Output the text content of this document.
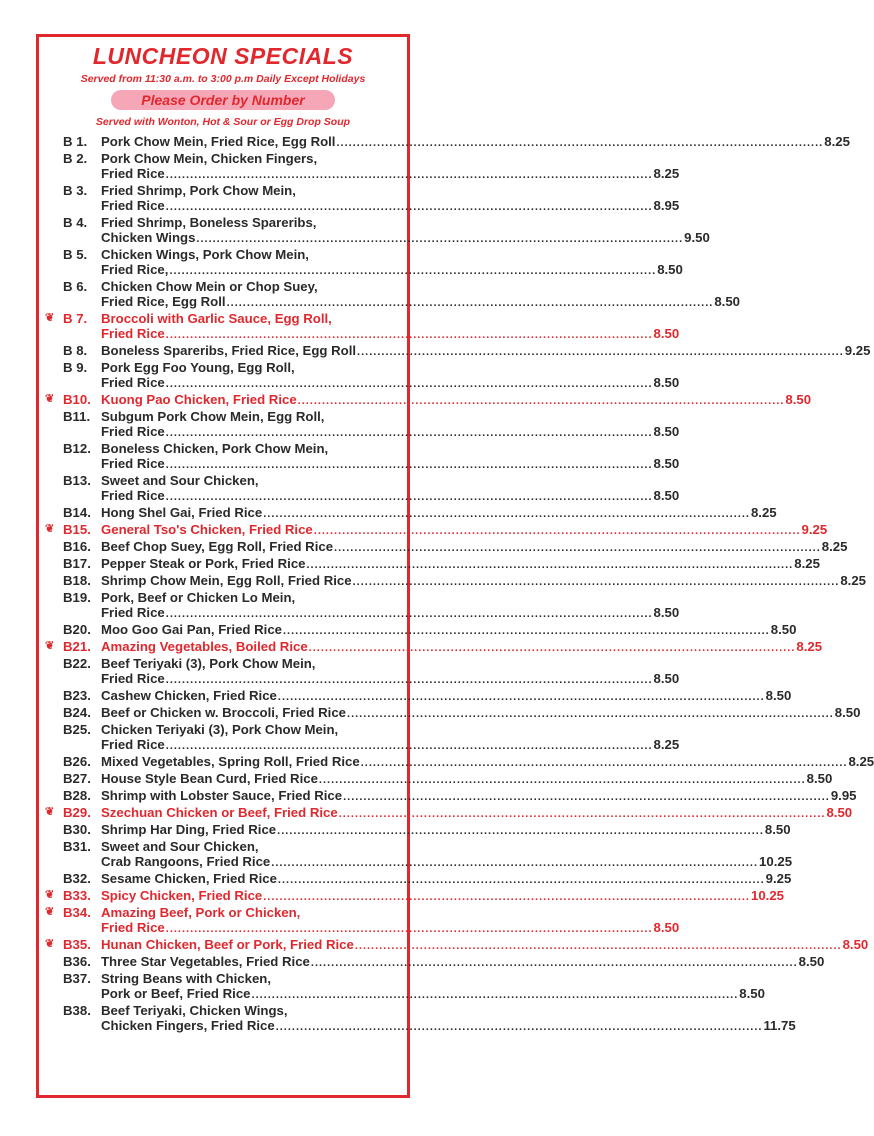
LUNCHEON SPECIALS
Served from 11:30 a.m. to 3:00 p.m Daily Except Holidays
Please Order by Number
Served with Wonton, Hot & Sour or Egg Drop Soup
B 1. Pork Chow Mein, Fried Rice, Egg Roll ........................................................................................................................ 8.25
B 2. Pork Chow Mein, Chicken Fingers,
Fried Rice ........................................................................................................................ 8.25
B 3. Fried Shrimp, Pork Chow Mein,
Fried Rice ........................................................................................................................ 8.95
B 4. Fried Shrimp, Boneless Spareribs,
Chicken Wings ........................................................................................................................ 9.50
B 5. Chicken Wings, Pork Chow Mein,
Fried Rice, ........................................................................................................................ 8.50
B 6. Chicken Chow Mein or Chop Suey,
Fried Rice, Egg Roll ........................................................................................................................ 8.50
❦ B 7. Broccoli with Garlic Sauce, Egg Roll,
Fried Rice ........................................................................................................................ 8.50
B 8. Boneless Spareribs, Fried Rice, Egg Roll ........................................................................................................................ 9.25
B 9. Pork Egg Foo Young, Egg Roll,
Fried Rice ........................................................................................................................ 8.50
❦ B10. Kuong Pao Chicken, Fried Rice ........................................................................................................................ 8.50
B11. Subgum Pork Chow Mein, Egg Roll,
Fried Rice ........................................................................................................................ 8.50
B12. Boneless Chicken, Pork Chow Mein,
Fried Rice ........................................................................................................................ 8.50
B13. Sweet and Sour Chicken,
Fried Rice ........................................................................................................................ 8.50
B14. Hong Shel Gai, Fried Rice ........................................................................................................................ 8.25
❦ B15. General Tso's Chicken, Fried Rice ........................................................................................................................ 9.25
B16. Beef Chop Suey, Egg Roll, Fried Rice ........................................................................................................................ 8.25
B17. Pepper Steak or Pork, Fried Rice ........................................................................................................................ 8.25
B18. Shrimp Chow Mein, Egg Roll, Fried Rice ........................................................................................................................ 8.25
B19. Pork, Beef or Chicken Lo Mein,
Fried Rice ........................................................................................................................ 8.50
B20. Moo Goo Gai Pan, Fried Rice ........................................................................................................................ 8.50
❦ B21. Amazing Vegetables, Boiled Rice ........................................................................................................................ 8.25
B22. Beef Teriyaki (3), Pork Chow Mein,
Fried Rice ........................................................................................................................ 8.50
B23. Cashew Chicken, Fried Rice ........................................................................................................................ 8.50
B24. Beef or Chicken w. Broccoli, Fried Rice ........................................................................................................................ 8.50
B25. Chicken Teriyaki (3), Pork Chow Mein,
Fried Rice ........................................................................................................................ 8.25
B26. Mixed Vegetables, Spring Roll, Fried Rice ........................................................................................................................ 8.25
B27. House Style Bean Curd, Fried Rice ........................................................................................................................ 8.50
B28. Shrimp with Lobster Sauce, Fried Rice ........................................................................................................................ 9.95
❦ B29. Szechuan Chicken or Beef, Fried Rice ........................................................................................................................ 8.50
B30. Shrimp Har Ding, Fried Rice ........................................................................................................................ 8.50
B31. Sweet and Sour Chicken,
Crab Rangoons, Fried Rice ........................................................................................................................ 10.25
B32. Sesame Chicken, Fried Rice ........................................................................................................................ 9.25
❦ B33. Spicy Chicken, Fried Rice ........................................................................................................................ 10.25
❦ B34. Amazing Beef, Pork or Chicken,
Fried Rice ........................................................................................................................ 8.50
❦ B35. Hunan Chicken, Beef or Pork, Fried Rice ........................................................................................................................ 8.50
B36. Three Star Vegetables, Fried Rice ........................................................................................................................ 8.50
B37. String Beans with Chicken,
Pork or Beef, Fried Rice ........................................................................................................................ 8.50
B38. Beef Teriyaki, Chicken Wings,
Chicken Fingers, Fried Rice ........................................................................................................................ 11.75
